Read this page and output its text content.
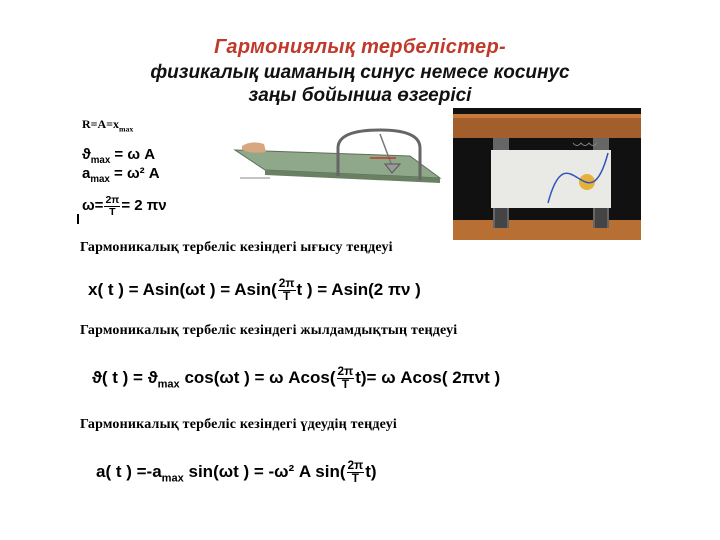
Гармониялық тербелістер-
физикалық шаманың синус немесе косинус
заңы бойынша өзгерісі
$R=A=x_{max}$
$ϑ_{max} = \omega$ A
$a_{max} = \omega^2$ A
$\omega= \frac{2\pi}{T} = 2$ πν
Гармоникалық тербеліс кезіндегі ығысу теңдеуі
x( t ) = Asin(ωt ) = $Asin( \frac{2\pi}{T}$ t ) = Asin(2 πν )
Гармоникалық тербеліс кезіндегі жылдамдықтың теңдеуі
ϑ( t ) = $ϑ_{max}$ cos(ωt ) = ω $Acos( \frac{2\pi}{T} t)= \omega$ Acos( 2πνt )
Гармоникалық тербеліс кезіндегі үдеудің теңдеуі
a( t ) $=-a_{max}$ sin(ωt ) = -ω² A $\sin( \frac{2\pi}{T} t)$
